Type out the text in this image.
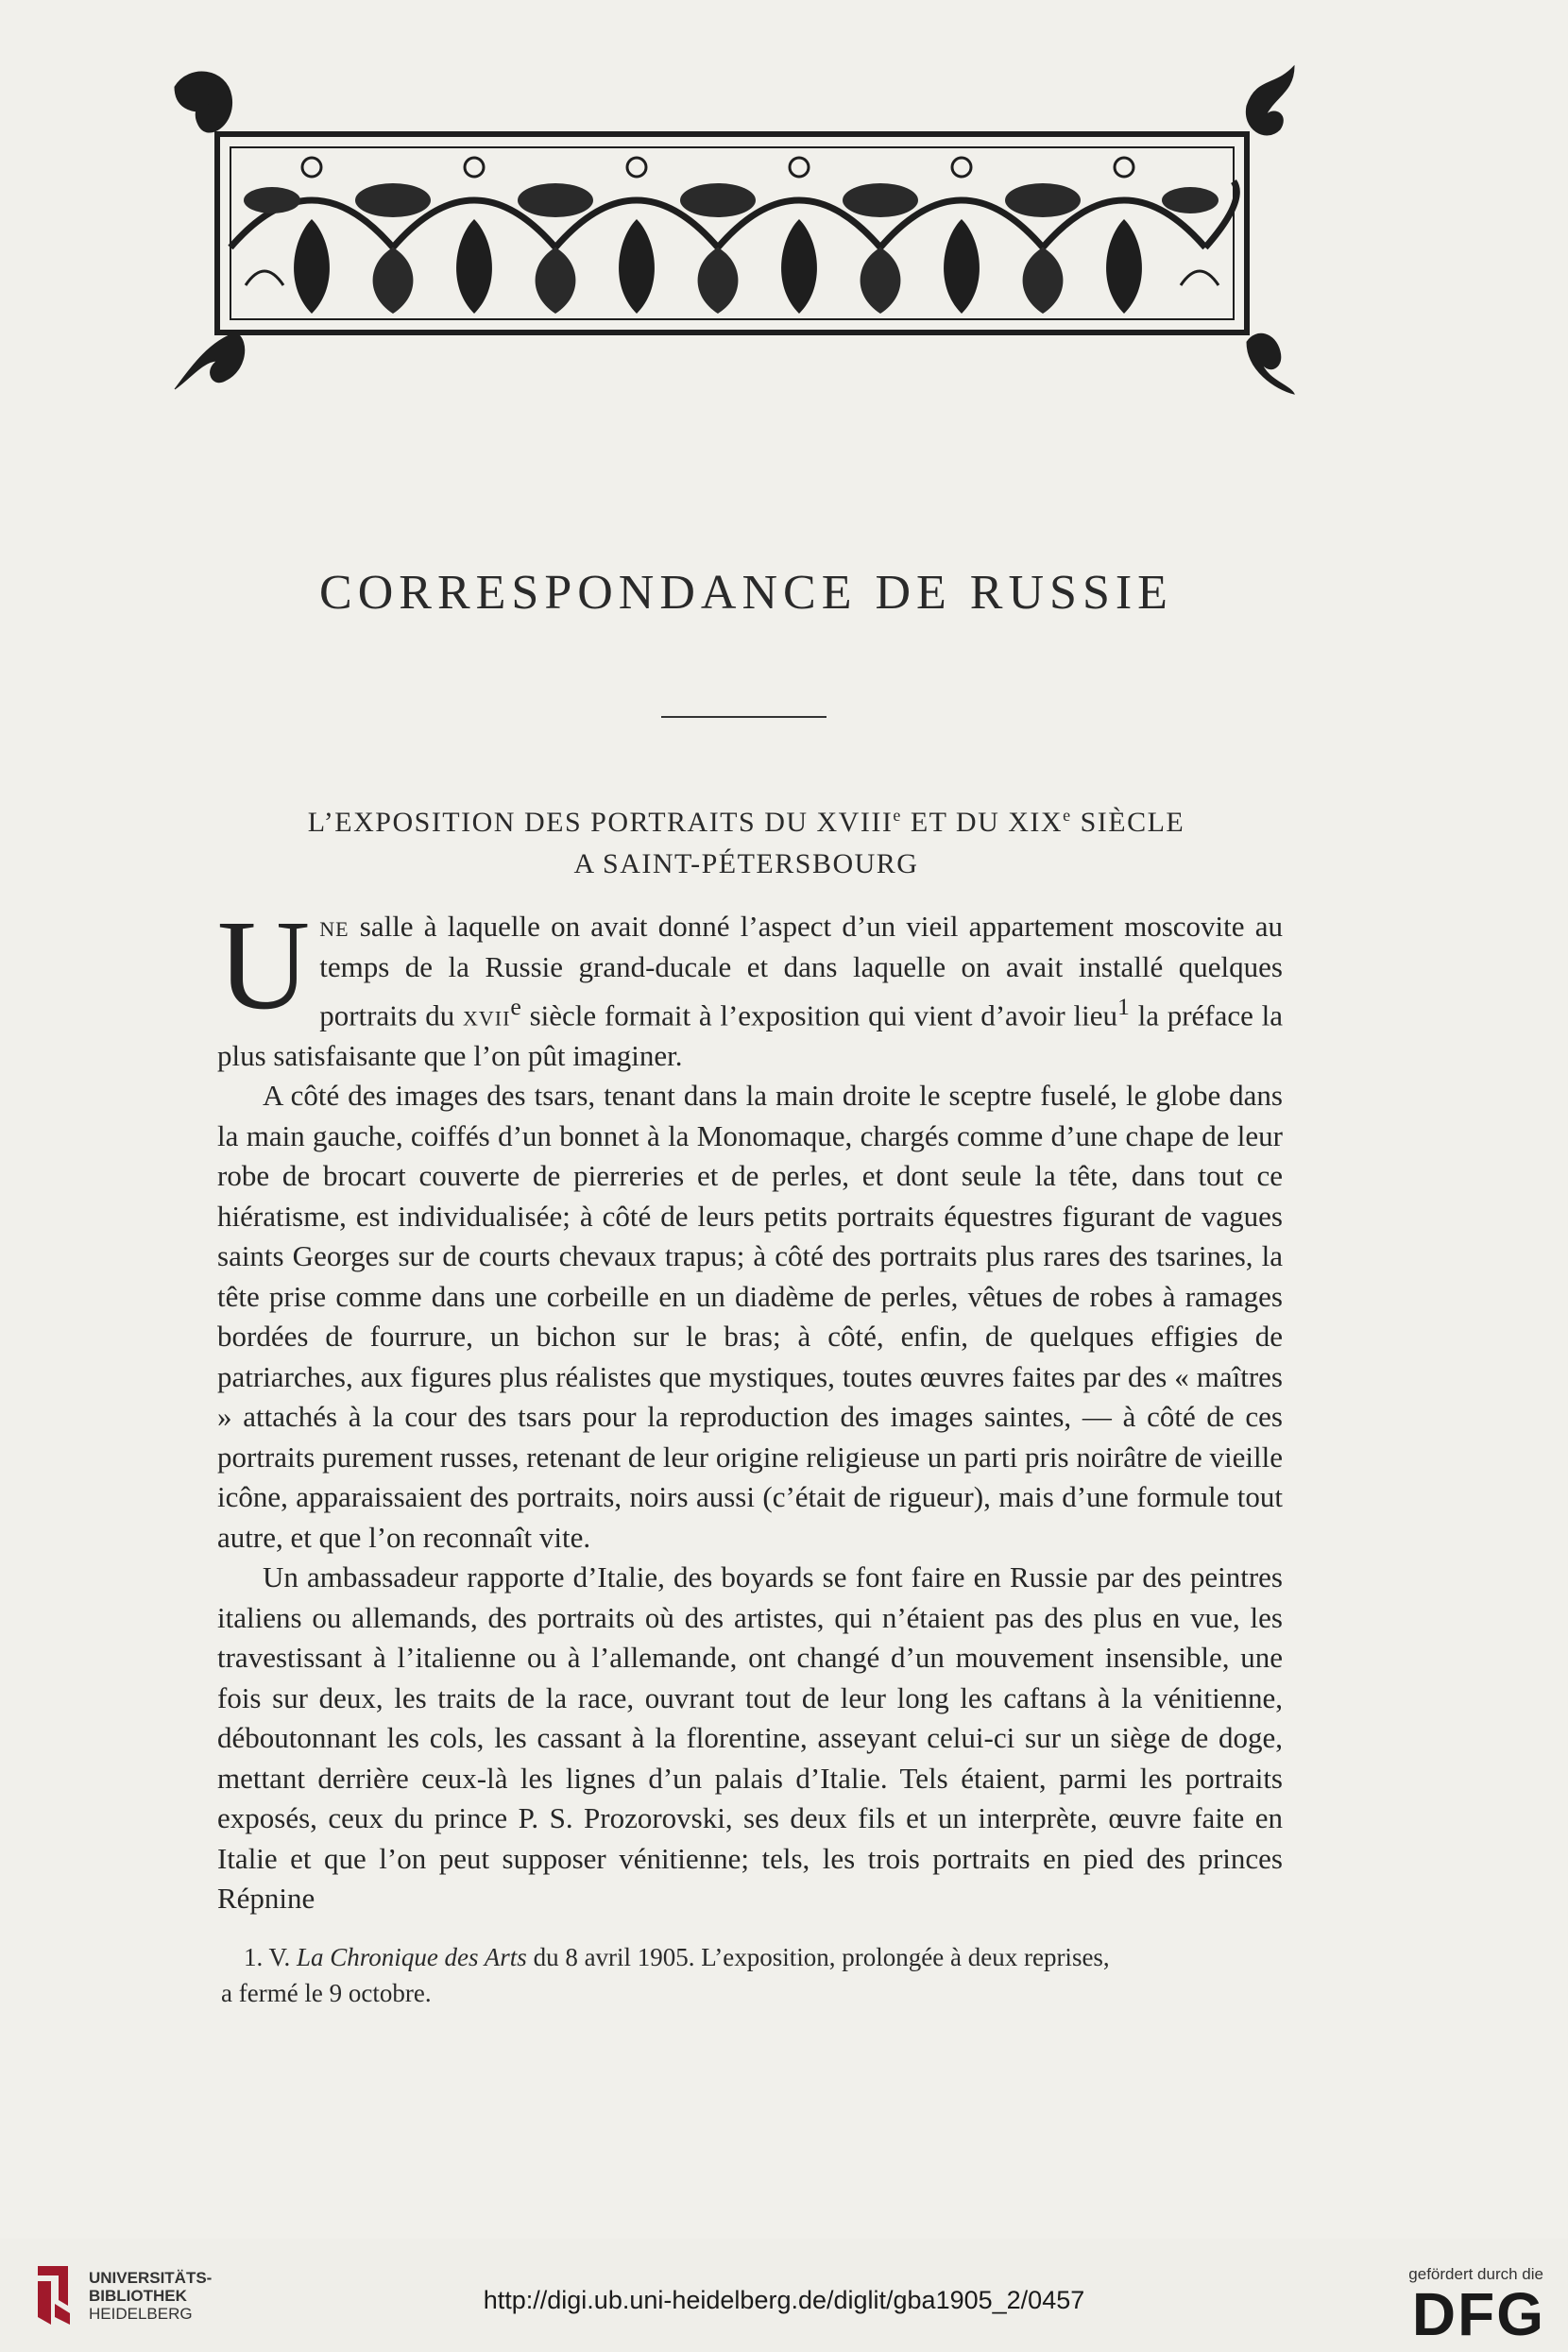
CORRESPONDANCE DE RUSSIE
L’EXPOSITION DES PORTRAITS DU XVIIIe ET DU XIXe SIÈCLE
A SAINT-PÉTERSBOURG

Une salle à laquelle on avait donné l’aspect d’un vieil appartement moscovite au temps de la Russie grand-ducale et dans laquelle on avait installé quelques portraits du xvii$^e$ siècle formait à l’exposition qui vient d’avoir lieu$^1$ la préface la plus satisfaisante que l’on pût imaginer.

A côté des images des tsars, tenant dans la main droite le sceptre fuselé, le globe dans la main gauche, coiffés d’un bonnet à la Monomaque, chargés comme d’une chape de leur robe de brocart couverte de pierreries et de perles, et dont seule la tête, dans tout ce hiératisme, est individualisée; à côté de leurs petits portraits équestres figurant de vagues saints Georges sur de courts chevaux trapus; à côté des portraits plus rares des tsarines, la tête prise comme dans une corbeille en un diadème de perles, vêtues de robes à ramages bordées de fourrure, un bichon sur le bras; à côté, enfin, de quelques effigies de patriarches, aux figures plus réalistes que mystiques, toutes œuvres faites par des « maîtres » attachés à la cour des tsars pour la reproduction des images saintes, — à côté de ces portraits purement russes, retenant de leur origine religieuse un parti pris noirâtre de vieille icône, apparaissaient des portraits, noirs aussi (c’était de rigueur), mais d’une formule tout autre, et que l’on reconnaît vite.

Un ambassadeur rapporte d’Italie, des boyards se font faire en Russie par des peintres italiens ou allemands, des portraits où des artistes, qui n’étaient pas des plus en vue, les travestissant à l’italienne ou à l’allemande, ont changé d’un mouvement insensible, une fois sur deux, les traits de la race, ouvrant tout de leur long les caftans à la vénitienne, déboutonnant les cols, les cassant à la florentine, asseyant celui-ci sur un siège de doge, mettant derrière ceux-là les lignes d’un palais d’Italie. Tels étaient, parmi les portraits exposés, ceux du prince P. S. Prozorovski, ses deux fils et un interprète, œuvre faite en Italie et que l’on peut supposer vénitienne; tels, les trois portraits en pied des princes Répnine

1. V. La Chronique des Arts du 8 avril 1905. L’exposition, prolongée à deux reprises,

a fermé le 9 octobre.

UNIVERSITÄTS-
BIBLIOTHEK
HEIDELBERG	http://digi.ub.uni-heidelberg.de/diglit/gba1905_2/0457
gefördert durch die
DFG
